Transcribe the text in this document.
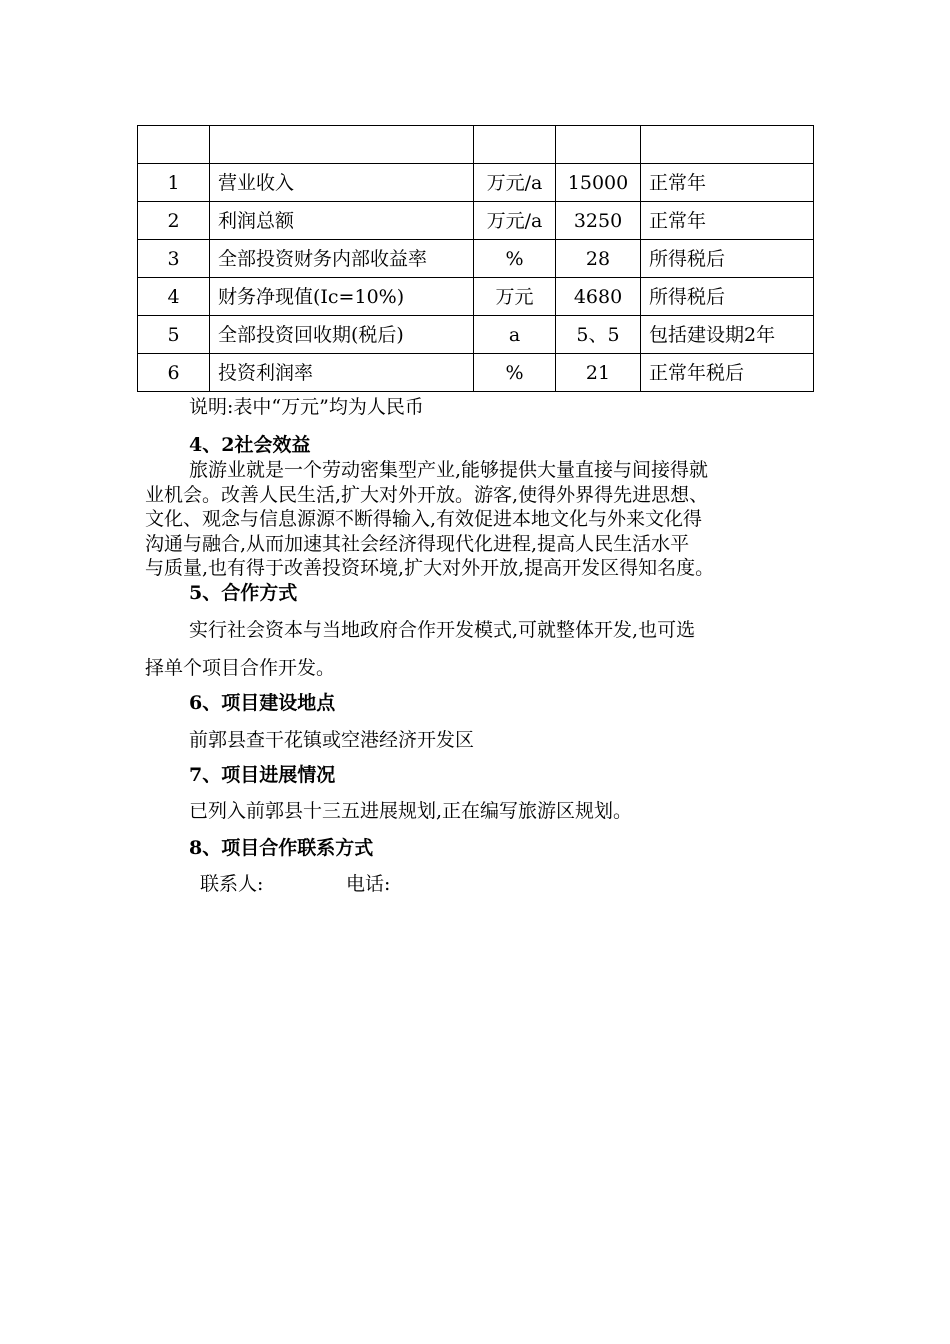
1	营业收入	万元/a	15000	正常年
2	利润总额	万元/a	3250	正常年
3	全部投资财务内部收益率	%	28	所得税后
4	财务净现值(Ic=10%)	万元	4680	所得税后
5	全部投资回收期(税后)	a	5、5	包括建设期2年
6	投资利润率	%	21	正常年税后
说明:表中“万元”均为人民币
4、2社会效益
旅游业就是一个劳动密集型产业,能够提供大量直接与间接得就
业机会。改善人民生活,扩大对外开放。游客,使得外界得先进思想、
文化、观念与信息源源不断得输入,有效促进本地文化与外来文化得
沟通与融合,从而加速其社会经济得现代化进程,提高人民生活水平
与质量,也有得于改善投资环境,扩大对外开放,提高开发区得知名度。
5、合作方式
实行社会资本与当地政府合作开发模式,可就整体开发,也可选
择单个项目合作开发。
6、项目建设地点
前郭县查干花镇或空港经济开发区
7、项目进展情况
已列入前郭县十三五进展规划,正在编写旅游区规划。
8、项目合作联系方式
联系人:	电话:
